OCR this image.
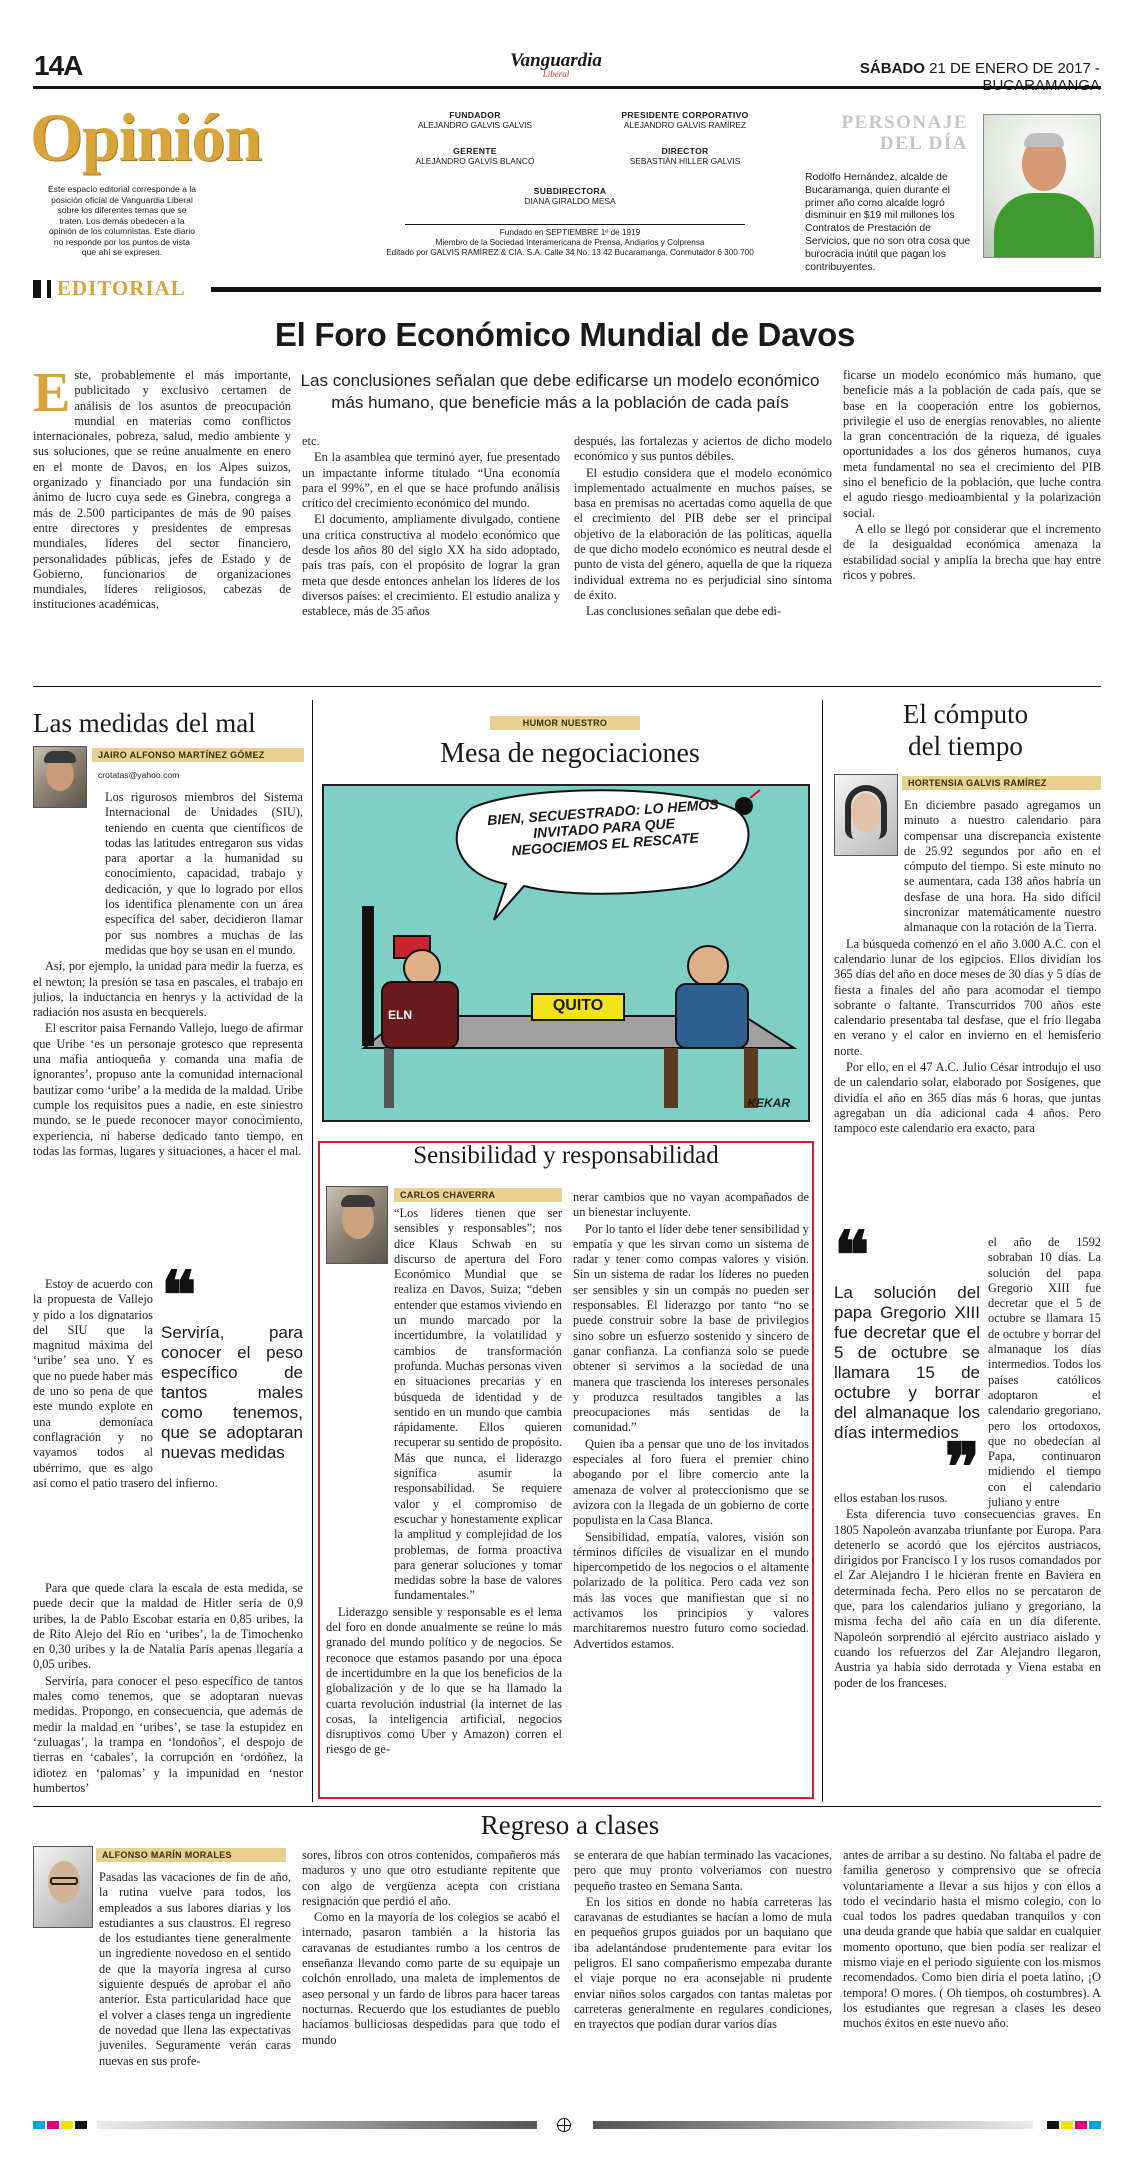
14A	Vanguardia
Liberal	SÁBADO 21 DE ENERO DE 2017 -
Opinión
Este espacio editorial corresponde a la posición oficial de Vanguardia Liberal sobre los diferentes temas que se traten. Los demás obedecen a la opinión de los columnistas. Este diario no responde por los puntos de vista que ahí se expresen.
FUNDADOR
ALEJANDRO GALVIS GALVIS
PRESIDENTE CORPORATIVO
ALEJANDRO GALVIS RAMÍREZ
GERENTE
ALEJANDRO GALVIS BLANCO
DIRECTOR
SEBASTIÁN HILLER GALVIS
SUBDIRECTORA
DIANA GIRALDO MESA
Fundado en SEPTIEMBRE 1º de 1919
Miembro de la Sociedad Interamericana de Prensa, Andiarios y Colprensa
Editado por GALVIS RAMÍREZ & CIA. S.A. Calle 34 No. 13 42 Bucaramanga. Conmutador 6 300 700
PERSONAJE
DEL DÍA
Rodolfo Hernández, alcalde de Bucaramanga, quien durante el primer año como alcalde logró disminuir en $19 mil millones los Contratos de Prestación de Servicios, que no son otra cosa que burocracia inútil que pagan los contribuyentes.
EDITORIAL
El Foro Económico Mundial de Davos
E ste, probablemente el más importante, publicitado y exclusivo certamen de análisis de los asuntos de preocupación mundial en materias como conflictos internacionales, pobreza, salud, medio ambiente y sus soluciones, que se reúne anualmente en enero en el monte de Davos, en los Alpes suizos, organizado y financiado por una fundación sin ánimo de lucro cuya sede es Ginebra, congrega a más de 2.500 participantes de más de 90 países entre directores y presidentes de empresas mundiales, líderes del sector financiero, personalidades públicas, jefes de Estado y de Gobierno, funcionarios de organizaciones mundiales, líderes religiosos, cabezas de instituciones académicas,
Las conclusiones señalan que debe edificarse un modelo económico más humano, que beneficie más a la población de cada país

etc.

En la asamblea que terminó ayer, fue presentado un impactante informe titulado “Una economía para el 99%”, en el que se hace profundo análisis crítico del crecimiento económico del mundo.

El documento, ampliamente divulgado, contiene una crítica constructiva al modelo económico que desde los años 80 del siglo XX ha sido adoptado, país tras país, con el propósito de lograr la gran meta que desde entonces anhelan los líderes de los diversos países: el crecimiento. El estudio analiza y establece, más de 35 años

después, las fortalezas y aciertos de dicho modelo económico y sus puntos débiles.

El estudio considera que el modelo económico implementado actualmente en muchos países, se basa en premisas no acertadas como aquella de que el crecimiento del PIB debe ser el principal objetivo de la elaboración de las políticas, aquella de que dicho modelo económico es neutral desde el punto de vista del género, aquella de que la riqueza individual extrema no es perjudicial sino síntoma de éxito.

Las conclusiones señalan que debe edi-

ficarse un modelo económico más humano, que beneficie más a la población de cada país, que se base en la cooperación entre los gobiernos, privilegie el uso de energías renovables, no aliente la gran concentración de la riqueza, dé iguales oportunidades a los dos géneros humanos, cuya meta fundamental no sea el crecimiento del PIB sino el beneficio de la población, que luche contra el agudo riesgo medioambiental y la polarización social.

A ello se llegó por considerar que el incremento de la desigualdad económica amenaza la estabilidad social y amplía la brecha que hay entre ricos y pobres.

Las medidas del mal
JAIRO ALFONSO MARTÍNEZ GÓMEZ
crotatas@yahoo.com

Los rigurosos miembros del Sistema Internacional de Unidades (SIU), teniendo en cuenta que científicos de todas las latitudes entregaron sus vidas para aportar a la humanidad su conocimiento, capacidad, trabajo y dedicación, y que lo logrado por ellos los identifica plenamente con un área específica del saber, decidieron llamar por sus nombres a muchas de las medidas que hoy se usan en el mundo.

Así, por ejemplo, la unidad para medir la fuerza, es el newton; la presión se tasa en pascales, el trabajo en julios, la inductancia en henrys y la actividad de la radiación nos asusta en becquerels.

El escritor paisa Fernando Vallejo, luego de afirmar que Uribe ‘es un personaje grotesco que representa una mafia antioqueña y comanda una mafia de ignorantes’, propuso ante la comunidad internacional bautizar como ‘uribe’ a la medida de la maldad. Uribe cumple los requisitos pues a nadie, en este siniestro mundo, se le puede reconocer mayor conocimiento, experiencia, ni haberse dedicado tanto tiempo, en todas las formas, lugares y situaciones, a hacer el mal.

❝
Serviría, para conocer el peso específico de tantos males como tenemos, que se adoptaran nuevas medidas

Estoy de acuerdo con la propuesta de Vallejo y pido a los dignatarios del SIU que la magnitud máxima del ‘uribe’ sea uno. Y es que no puede haber más de uno so pena de que este mundo explote en una demoníaca conflagración y no vayamos todos al ubérrimo, que es algo así como el patio trasero del infierno.

Para que quede clara la escala de esta medida, se puede decir que la maldad de Hitler sería de 0,9 uribes, la de Pablo Escobar estaría en 0,85 uribes, la de Rito Alejo del Río en ‘uribes’, la de Timochenko en 0,30 uribes y la de Natalia París apenas llegaría a 0,05 uribes.

Serviría, para conocer el peso específico de tantos males como tenemos, que se adoptaran nuevas medidas. Propongo, en consecuencia, que además de medir la maldad en ‘uribes’, se tase la estupidez en ‘zuluagas’, la trampa en ‘londoños’, el despojo de tierras en ‘cabales’, la corrupción en ‘ordóñez, la idiotez en ‘palomas’ y la impunidad en ‘nestor humbertos’

HUMOR NUESTRO
Mesa de negociaciones
BIEN, SECUESTRADO: LO HEMOS INVITADO PARA QUE NEGOCIEMOS EL RESCATE
QUITO
ELN
KEKAR
Sensibilidad y responsabilidad
CARLOS CHAVERRA

“Los líderes tienen que ser sensibles y responsables”; nos dice Klaus Schwab en su discurso de apertura del Foro Económico Mundial que se realiza en Davos, Suiza; “deben entender que estamos viviendo en un mundo marcado por la incertidumbre, la volatilidad y cambios de transformación profunda. Muchas personas viven en situaciones precarias y en búsqueda de identidad y de sentido en un mundo que cambia rápidamente. Ellos quieren recuperar su sentido de propósito. Más que nunca, el liderazgo significa asumir la responsabilidad. Se requiere valor y el compromiso de escuchar y honestamente explicar la amplitud y complejidad de los problemas, de forma proactiva para generar soluciones y tomar medidas sobre la base de valores fundamentales.”

Liderazgo sensible y responsable es el lema del foro en donde anualmente se reúne lo más granado del mundo político y de negocios. Se reconoce que estamos pasando por una época de incertidumbre en la que los beneficios de la globalización y de lo que se ha llamado la cuarta revolución industrial (la internet de las cosas, la inteligencia artificial, negocios disruptivos como Uber y Amazon) corren el riesgo de ge-

nerar cambios que no vayan acompañados de un bienestar incluyente.

Por lo tanto el líder debe tener sensibilidad y empatía y que les sirvan como un sistema de radar y tener como compas valores y visión. Sin un sistema de radar los líderes no pueden ser sensibles y sin un compás no pueden ser responsables. El liderazgo por tanto “no se puede construir sobre la base de privilegios sino sobre un esfuerzo sostenido y sincero de ganar confianza. La confianza solo se puede obtener si servimos a la sociedad de una manera que trascienda los intereses personales y produzca resultados tangibles a las preocupaciones más sentidas de la comunidad.”

Quien iba a pensar que uno de los invitados especiales al foro fuera el premier chino abogando por el libre comercio ante la amenaza de volver al proteccionismo que se avizora con la llegada de un gobierno de corte populista en la Casa Blanca.

Sensibilidad, empatía, valores, visión son términos difíciles de visualizar en el mundo hipercompetido de los negocios o el altamente polarizado de la política. Pero cada vez son más las voces que manifiestan que si no activamos los principios y valores marchitaremos nuestro futuro como sociedad. Advertidos estamos.

El cómputo
del tiempo
HORTENSIA GALVIS RAMÍREZ

En diciembre pasado agregamos un minuto a nuestro calendario para compensar una discrepancia existente de 25.92 segundos por año en el cómputo del tiempo. Si este minuto no se aumentara, cada 138 años habría un desfase de una hora. Ha sido difícil sincronizar matemáticamente nuestro almanaque con la rotación de la Tierra.

La búsqueda comenzó en el año 3.000 A.C. con el calendario lunar de los egipcios. Ellos dividían los 365 días del año en doce meses de 30 días y 5 días de fiesta a finales del año para acomodar el tiempo sobrante o faltante. Transcurridos 700 años este calendario presentaba tal desfase, que el frío llegaba en verano y el calor en invierno en el hemisferio norte.

Por ello, en el 47 A.C. Julio César introdujo el uso de un calendario solar, elaborado por Sosígenes, que dividía el año en 365 días más 6 horas, que juntas agregaban un día adicional cada 4 años. Pero tampoco este calendario era exacto, para

❝
La solución del papa Gregorio XIII fue decretar que el 5 de octubre se llamara 15 de octubre y borrar del almanaque los días intermedios
❞

el año de 1592 sobraban 10 días. La solución del papa Gregorio XIII fue decretar que el 5 de octubre se llamara 15 de octubre y borrar del almanaque los días intermedios. Todos los países católicos adoptaron el calendario gregoriano, pero los ortodoxos, que no obedecían al Papa, continuaron midiendo el tiempo con el calendario juliano y entre

ellos estaban los rusos.

Esta diferencia tuvo consecuencias graves. En 1805 Napoleón avanzaba triunfante por Europa. Para detenerlo se acordó que los ejércitos austriacos, dirigidos por Francisco I y los rusos comandados por el Zar Alejandro I le hicieran frente en Baviera en determinada fecha. Pero ellos no se percataron de que, para los calendarios juliano y gregoriano, la misma fecha del año caía en un día diferente. Napoleón sorprendió al ejército austriaco aislado y cuando los refuerzos del Zar Alejandro llegaron, Austria ya había sido derrotada y Viena estaba en poder de los franceses.

Regreso a clases
ALFONSO MARÍN MORALES

Pasadas las vacaciones de fin de año, la rutina vuelve para todos, los empleados a sus labores diarias y los estudiantes a sus claustros. El regreso de los estudiantes tiene generalmente un ingrediente novedoso en el sentido de que la mayoría ingresa al curso siguiente después de aprobar el año anterior. Esta particularidad hace que el volver a clases tenga un ingrediente de novedad que llena las expectativas juveniles. Seguramente verán caras nuevas en sus profe-

sores, libros con otros contenidos, compañeros más maduros y uno que otro estudiante repitente que con algo de vergüenza acepta con cristiana resignación que perdió el año.

Como en la mayoría de los colegios se acabó el internado, pasaron también a la historia las caravanas de estudiantes rumbo a los centros de enseñanza llevando como parte de su equipaje un colchón enrollado, una maleta de implementos de aseo personal y un fardo de libros para hacer tareas nocturnas. Recuerdo que los estudiantes de pueblo hacíamos bulliciosas despedidas para que todo el mundo

se enterara de que habían terminado las vacaciones, pero que muy pronto volveríamos con nuestro pequeño trasteo en Semana Santa.

En los sitios en donde no había carreteras las caravanas de estudiantes se hacían a lomo de mula en pequeños grupos guiados por un baquiano que iba adelantándose prudentemente para evitar los peligros. El sano compañerismo empezaba durante el viaje porque no era aconsejable ni prudente enviar niños solos cargados con tantas maletas por carreteras generalmente en regulares condiciones, en trayectos que podían durar varios días

antes de arribar a su destino. No faltaba el padre de familia generoso y comprensivo que se ofrecía voluntariamente a llevar a sus hijos y con ellos a todo el vecindario hasta el mismo colegio, con lo cual todos los padres quedaban tranquilos y con una deuda grande que había que saldar en cualquier momento oportuno, que bien podía ser realizar el mismo viaje en el periodo siguiente con los mismos recomendados. Como bien diría el poeta latino, ¡O tempora! O mores. ( Oh tiempos, oh costumbres). A los estudiantes que regresan a clases les deseo muchos éxitos en este nuevo año.
